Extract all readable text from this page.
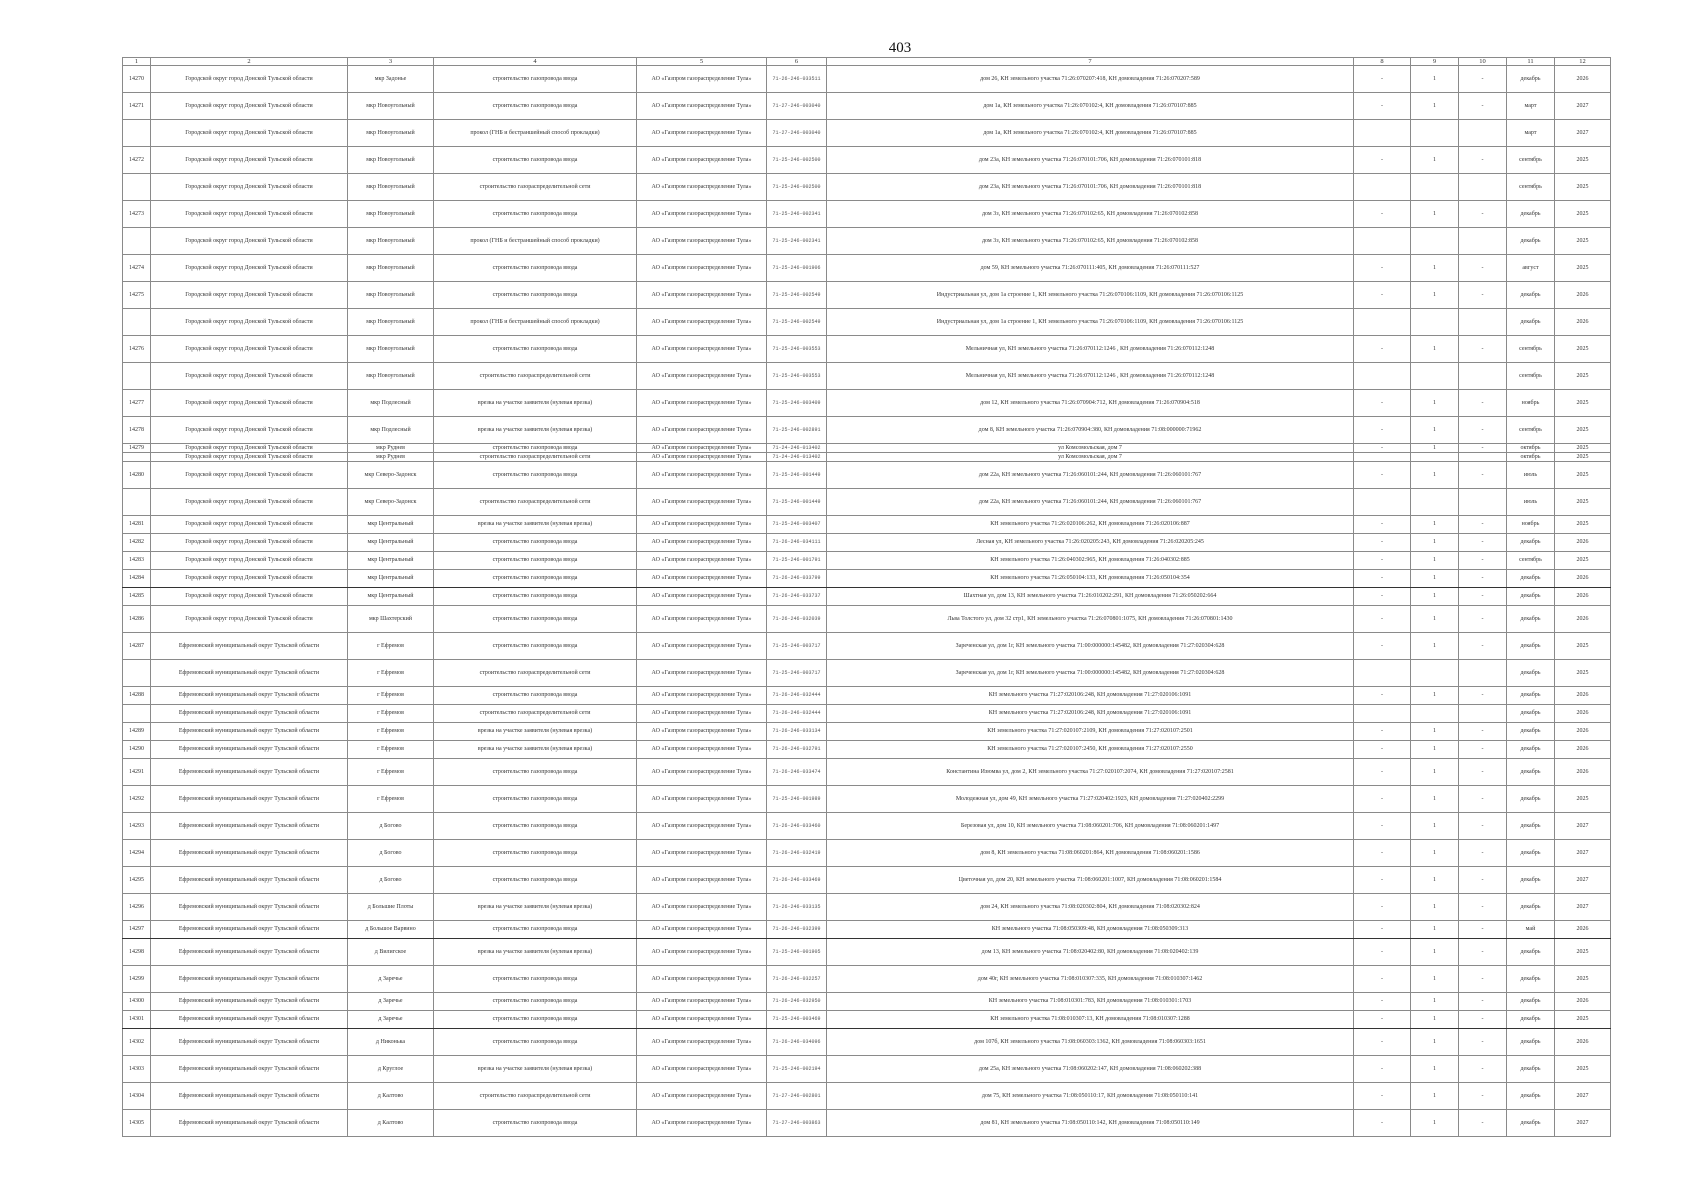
403
1	2	3	4	5	6	7	8	9	10	11	12
14270	Городской округ город Донской Тульской области	мкр Задонье	строительство газопровода ввода	АО «Газпром газораспределение Тула»	71-26-246-033511	дом 26, КН земельного участка 71:26:070207:418, КН домовладения 71:26:070207:589	-	1	-	декабрь	2026
14271	Городской округ город Донской Тульской области	мкр Новоугольный	строительство газопровода ввода	АО «Газпром газораспределение Тула»	71-27-246-003040	дом 1а, КН земельного участка 71:26:070102:4, КН домовладения 71:26:070107:885	-	1	-	март	2027
	Городской округ город Донской Тульской области	мкр Новоугольный	прокол (ГНБ и бестраншейный способ прокладки)	АО «Газпром газораспределение Тула»	71-27-246-003040	дом 1а, КН земельного участка 71:26:070102:4, КН домовладения 71:26:070107:885				март	2027
14272	Городской округ город Донской Тульской области	мкр Новоугольный	строительство газопровода ввода	АО «Газпром газораспределение Тула»	71-25-246-002500	дом 23а, КН земельного участка 71:26:070101:706, КН домовладения 71:26:070101:818	-	1	-	сентябрь	2025
	Городской округ город Донской Тульской области	мкр Новоугольный	строительство газораспределительной сети	АО «Газпром газораспределение Тула»	71-25-246-002500	дом 23а, КН земельного участка 71:26:070101:706, КН домовладения 71:26:070101:818				сентябрь	2025
14273	Городской округ город Донской Тульской области	мкр Новоугольный	строительство газопровода ввода	АО «Газпром газораспределение Тула»	71-25-246-002341	дом 3з, КН земельного участка 71:26:070102:65, КН домовладения 71:26:070102:858	-	1	-	декабрь	2025
	Городской округ город Донской Тульской области	мкр Новоугольный	прокол (ГНБ и бестраншейный способ прокладки)	АО «Газпром газораспределение Тула»	71-25-246-002341	дом 3з, КН земельного участка 71:26:070102:65, КН домовладения 71:26:070102:858				декабрь	2025
14274	Городской округ город Донской Тульской области	мкр Новоугольный	строительство газопровода ввода	АО «Газпром газораспределение Тула»	71-25-246-001906	дом 59, КН земельного участка 71:26:070111:405, КН домовладения 71:26:070111:527	-	1	-	август	2025
14275	Городской округ город Донской Тульской области	мкр Новоугольный	строительство газопровода ввода	АО «Газпром газораспределение Тула»	71-25-246-002549	Индустриальная ул, дом 1а строение 1, КН земельного участка 71:26:070106:1109, КН домовладения 71:26:070106:1125	-	1	-	декабрь	2026
	Городской округ город Донской Тульской области	мкр Новоугольный	прокол (ГНБ и бестраншейный способ прокладки)	АО «Газпром газораспределение Тула»	71-25-246-002549	Индустриальная ул, дом 1а строение 1, КН земельного участка 71:26:070106:1109, КН домовладения 71:26:070106:1125				декабрь	2026
14276	Городской округ город Донской Тульской области	мкр Новоугольный	строительство газопровода ввода	АО «Газпром газораспределение Тула»	71-25-246-003553	Мельничная ул, КН земельного участка 71:26:070112:1246 , КН домовладения 71:26:070112:1248	-	1	-	сентябрь	2025
	Городской округ город Донской Тульской области	мкр Новоугольный	строительство газораспределительной сети	АО «Газпром газораспределение Тула»	71-25-246-003553	Мельничная ул, КН земельного участка 71:26:070112:1246 , КН домовладения 71:26:070112:1248				сентябрь	2025
14277	Городской округ город Донской Тульской области	мкр Подлесный	врезка на участке заявителя (нулевая врезка)	АО «Газпром газораспределение Тула»	71-25-246-003409	дом 12, КН земельного участка 71:26:070904:712, КН домовладения 71:26:070904:518	-	1	-	ноябрь	2025
14278	Городской округ город Донской Тульской области	мкр Подлесный	врезка на участке заявителя (нулевая врезка)	АО «Газпром газораспределение Тула»	71-25-246-002891	дом 8, КН земельного участка 71:26:070904:380, КН домовладения 71:08:000000:71962	-	1	-	сентябрь	2025
14279	Городской округ город Донской Тульской области	мкр Руднев	строительство газопровода ввода	АО «Газпром газораспределение Тула»	71-24-246-013402	ул Комсомольская, дом 7	-	1	-	октябрь	2025
	Городской округ город Донской Тульской области	мкр Руднев	строительство газораспределительной сети	АО «Газпром газораспределение Тула»	71-24-246-013402	ул Комсомольская, дом 7				октябрь	2025
14280	Городской округ город Донской Тульской области	мкр Северо-Задонск	строительство газопровода ввода	АО «Газпром газораспределение Тула»	71-25-246-001449	дом 22а, КН земельного участка 71:26:060101:244, КН домовладения 71:26:060101:767	-	1	-	июль	2025
	Городской округ город Донской Тульской области	мкр Северо-Задонск	строительство газораспределительной сети	АО «Газпром газораспределение Тула»	71-25-246-001449	дом 22а, КН земельного участка 71:26:060101:244, КН домовладения 71:26:060101:767				июль	2025
14281	Городской округ город Донской Тульской области	мкр Центральный	врезка на участке заявителя (нулевая врезка)	АО «Газпром газораспределение Тула»	71-25-246-003407	КН земельного участка 71:26:020106:262, КН домовладения 71:26:020106:887	-	1	-	ноябрь	2025
14282	Городской округ город Донской Тульской области	мкр Центральный	строительство газопровода ввода	АО «Газпром газораспределение Тула»	71-26-246-034111	Лесная ул, КН земельного участка 71:26:020205:243, КН домовладения 71:26:020205:245	-	1	-	декабрь	2026
14283	Городской округ город Донской Тульской области	мкр Центральный	строительство газопровода ввода	АО «Газпром газораспределение Тула»	71-25-246-001791	КН земельного участка 71:26:040302:965, КН домовладения 71:26:040302:885	-	1	-	сентябрь	2025
14284	Городской округ город Донской Тульской области	мкр Центральный	строительство газопровода ввода	АО «Газпром газораспределение Тула»	71-26-246-033799	КН земельного участка 71:26:050104:133, КН домовладения 71:26:050104:354	-	1	-	декабрь	2026
14285	Городской округ город Донской Тульской области	мкр Центральный	строительство газопровода ввода	АО «Газпром газораспределение Тула»	71-26-246-033737	Шахтная ул, дом 13, КН земельного участка 71:26:010202:291, КН домовладения 71:26:050202:664	-	1	-	декабрь	2026
14286	Городской округ город Донской Тульской области	мкр Шахтерский	строительство газопровода ввода	АО «Газпром газораспределение Тула»	71-26-246-032039	Льва Толстого ул, дом 32 стр1, КН земельного участка 71:26:070801:1075, КН домовладения 71:26:070801:1430	-	1	-	декабрь	2026
14287	Ефремовский муниципальный округ Тульской области	г Ефремов	строительство газопровода ввода	АО «Газпром газораспределение Тула»	71-25-246-003717	Зареченская ул, дом 1г, КН земельного участка 71:00:000000:145482, КН домовладения 71:27:020304:628	-	1	-	декабрь	2025
	Ефремовский муниципальный округ Тульской области	г Ефремов	строительство газораспределительной сети	АО «Газпром газораспределение Тула»	71-25-246-003717	Зареченская ул, дом 1г, КН земельного участка 71:00:000000:145482, КН домовладения 71:27:020304:628				декабрь	2025
14288	Ефремовский муниципальный округ Тульской области	г Ефремов	строительство газопровода ввода	АО «Газпром газораспределение Тула»	71-26-246-032444	КН земельного участка 71:27:020106:248, КН домовладения 71:27:020106:1091	-	1	-	декабрь	2026
	Ефремовский муниципальный округ Тульской области	г Ефремов	строительство газораспределительной сети	АО «Газпром газораспределение Тула»	71-26-246-032444	КН земельного участка 71:27:020106:248, КН домовладения 71:27:020106:1091				декабрь	2026
14289	Ефремовский муниципальный округ Тульской области	г Ефремов	врезка на участке заявителя (нулевая врезка)	АО «Газпром газораспределение Тула»	71-26-246-033134	КН земельного участка 71:27:020107:2109, КН домовладения 71:27:020107:2501	-	1	-	декабрь	2026
14290	Ефремовский муниципальный округ Тульской области	г Ефремов	врезка на участке заявителя (нулевая врезка)	АО «Газпром газораспределение Тула»	71-26-246-032791	КН земельного участка 71:27:020107:2450, КН домовладения 71:27:020107:2550	-	1	-	декабрь	2026
14291	Ефремовский муниципальный округ Тульской области	г Ефремов	строительство газопровода ввода	АО «Газпром газораспределение Тула»	71-26-246-033474	Константина Изюмва ул, дом 2, КН земельного участка 71:27:020107:2074, КН домовладения 71:27:020107:2581	-	1	-	декабрь	2026
14292	Ефремовский муниципальный округ Тульской области	г Ефремов	строительство газопровода ввода	АО «Газпром газораспределение Тула»	71-25-246-001989	Молодежная ул, дом 49, КН земельного участка 71:27:020402:1923, КН домовладения 71:27:020402:2299	-	1	-	декабрь	2025
14293	Ефремовский муниципальный округ Тульской области	д Богово	строительство газопровода ввода	АО «Газпром газораспределение Тула»	71-26-246-033460	Березовая ул, дом 10, КН земельного участка 71:08:060201:706, КН домовладения 71:08:060201:1497	-	1	-	декабрь	2027
14294	Ефремовский муниципальный округ Тульской области	д Богово	строительство газопровода ввода	АО «Газпром газораспределение Тула»	71-26-246-032419	дом 8, КН земельного участка 71:08:060201:864, КН домовладения 71:08:060201:1586	-	1	-	декабрь	2027
14295	Ефремовский муниципальный округ Тульской области	д Богово	строительство газопровода ввода	АО «Газпром газораспределение Тула»	71-26-246-033469	Цветочная ул, дом 20, КН земельного участка 71:08:060201:1007, КН домовладения 71:08:060201:1584	-	1	-	декабрь	2027
14296	Ефремовский муниципальный округ Тульской области	д Большие Плоты	врезка на участке заявителя (нулевая врезка)	АО «Газпром газораспределение Тула»	71-26-246-033135	дом 24, КН земельного участка 71:08:020302:804, КН домовладения 71:08:020302:824	-	1	-	декабрь	2027
14297	Ефремовский муниципальный округ Тульской области	д Большое Варвино	строительство газопровода ввода	АО «Газпром газораспределение Тула»	71-26-246-032399	КН земельного участка 71:08:050309:48, КН домовладения 71:08:050309:313	-	1	-	май	2026
14298	Ефремовский муниципальный округ Тульской области	д Вилигское	врезка на участке заявителя (нулевая врезка)	АО «Газпром газораспределение Тула»	71-25-246-001905	дом 13, КН земельного участка 71:08:020402:80, КН домовладения 71:08:020402:139	-	1	-	декабрь	2025
14299	Ефремовский муниципальный округ Тульской области	д Заречье	строительство газопровода ввода	АО «Газпром газораспределение Тула»	71-26-246-032257	дом 40г, КН земельного участка 71:08:010307:335, КН домовладения 71:08:010307:1462	-	1	-	декабрь	2025
14300	Ефремовский муниципальный округ Тульской области	д Заречье	строительство газопровода ввода	АО «Газпром газораспределение Тула»	71-26-246-032950	КН земельного участка 71:08:010301:783, КН домовладения 71:08:010301:1703	-	1	-	декабрь	2026
14301	Ефремовский муниципальный округ Тульской области	д Заречье	строительство газопровода ввода	АО «Газпром газораспределение Тула»	71-25-246-003469	КН земельного участка 71:08:010307:13, КН домовладения 71:08:010307:1288	-	1	-	декабрь	2025
14302	Ефремовский муниципальный округ Тульской области	д Никонька	строительство газопровода ввода	АО «Газпром газораспределение Тула»	71-26-246-034096	дом 107б, КН земельного участка 71:08:060303:1362, КН домовладения 71:08:060303:1651	-	1	-	декабрь	2026
14303	Ефремовский муниципальный округ Тульской области	д Круглое	врезка на участке заявителя (нулевая врезка)	АО «Газпром газораспределение Тула»	71-25-246-002194	дом 25а, КН земельного участка 71:08:060202:147, КН домовладения 71:08:060202:388	-	1	-	декабрь	2025
14304	Ефремовский муниципальный округ Тульской области	д Калтово	строительство газораспределительной сети	АО «Газпром газораспределение Тула»	71-27-246-002801	дом 75, КН земельного участка 71:08:050110:17, КН домовладения 71:08:050110:141	-	1	-	декабрь	2027
14305	Ефремовский муниципальный округ Тульской области	д Калтово	строительство газопровода ввода	АО «Газпром газораспределение Тула»	71-27-246-003863	дом 81, КН земельного участка 71:08:050110:142, КН домовладения 71:08:050110:149	-	1	-	декабрь	2027
